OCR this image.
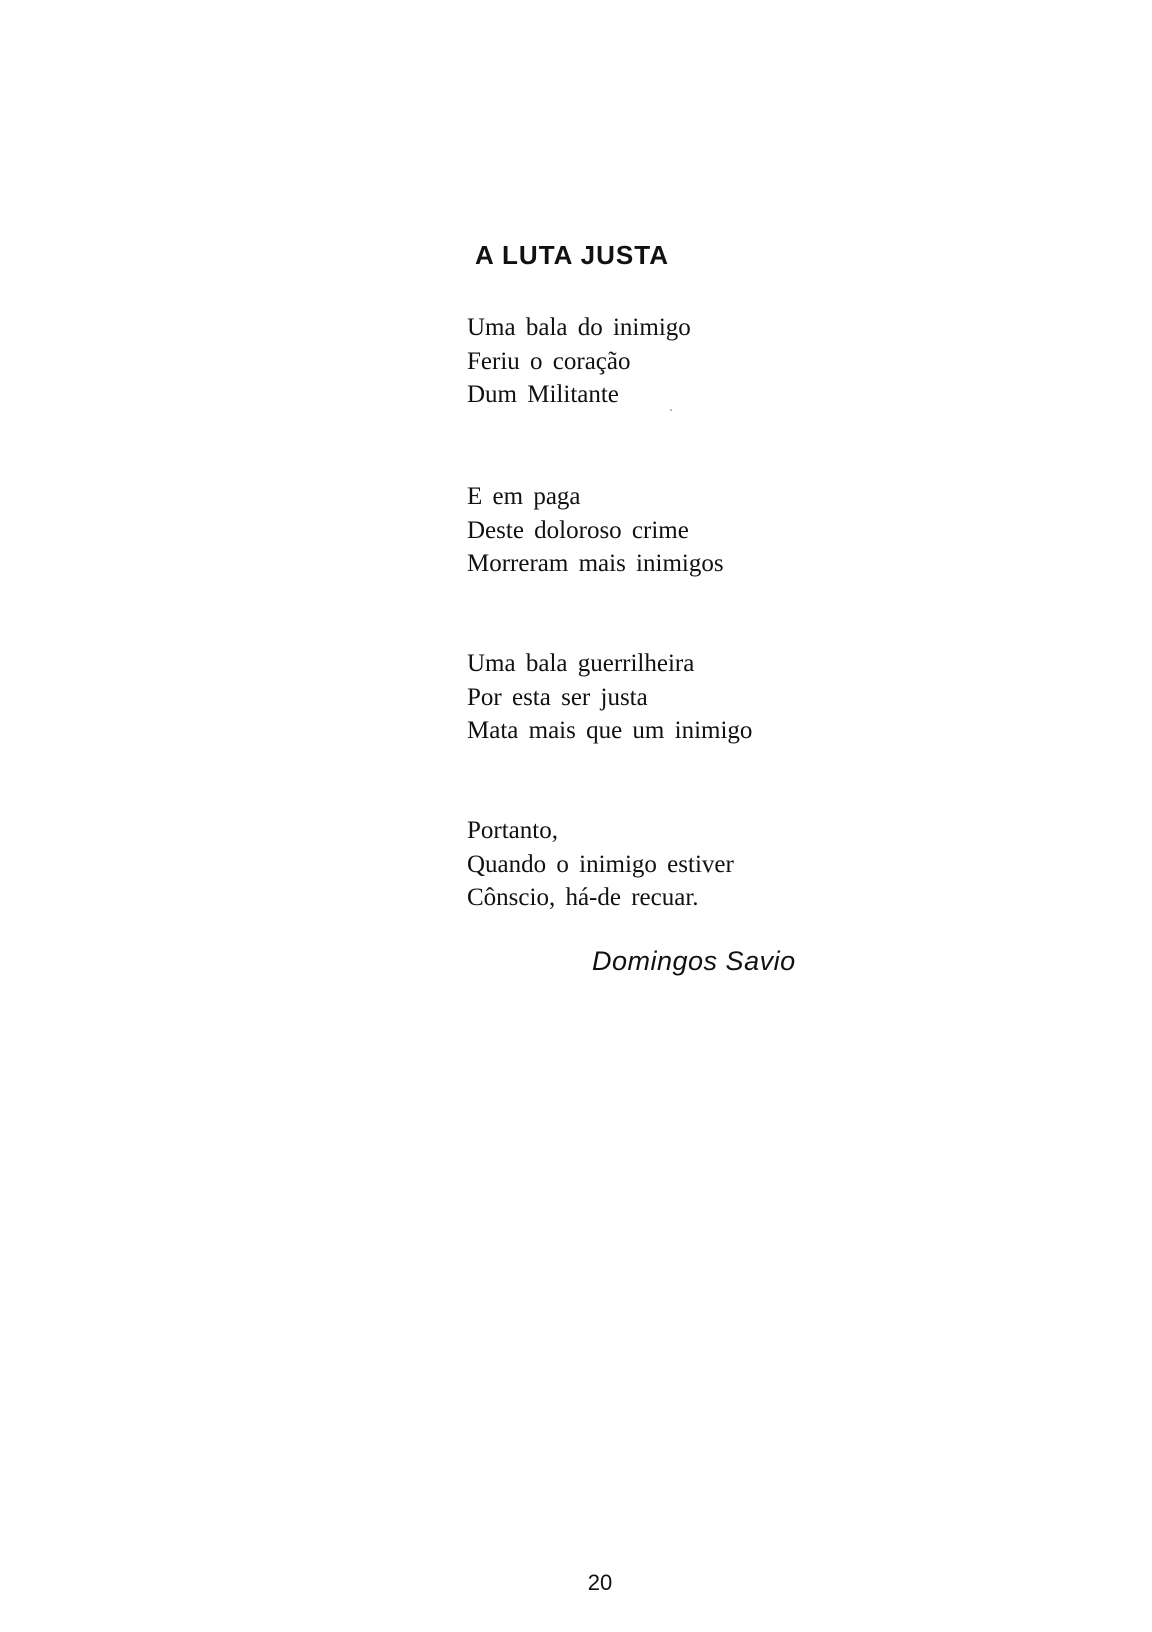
A LUTA JUSTA
Uma bala do inimigo
Feriu o coração
Dum Militante
E em paga
Deste doloroso crime
Morreram mais inimigos
Uma bala guerrilheira
Por esta ser justa
Mata mais que um inimigo
Portanto,
Quando o inimigo estiver
Cônscio, há-de recuar.

Domingos Savio

20
